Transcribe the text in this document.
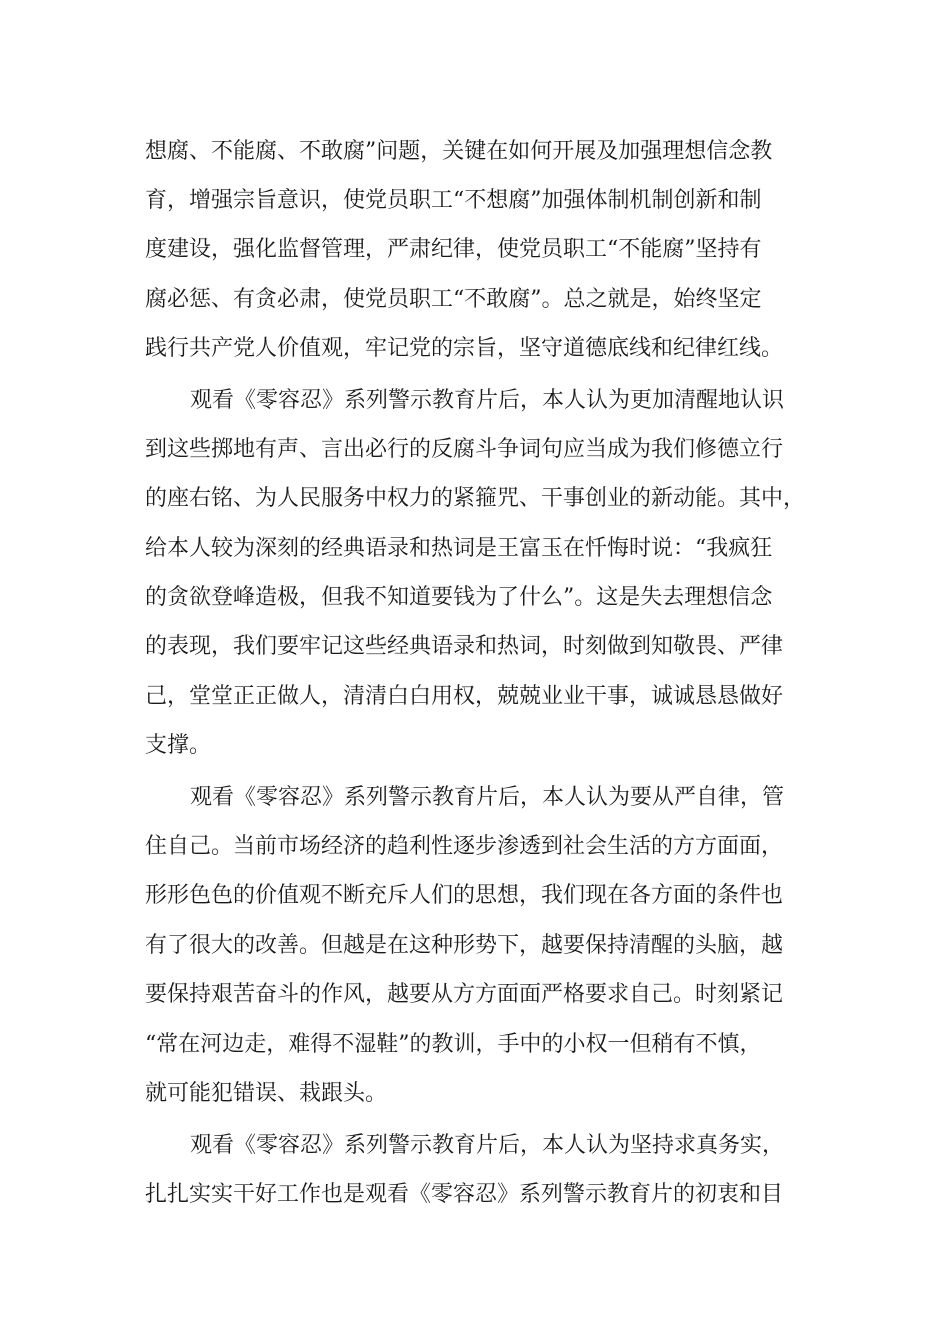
想腐、不能腐、不敢腐”问题，关键在如何开展及加强理想信念教
育，增强宗旨意识，使党员职工“不想腐”加强体制机制创新和制
度建设，强化监督管理，严肃纪律，使党员职工“不能腐”坚持有
腐必惩、有贪必肃，使党员职工“不敢腐”。总之就是，始终坚定
践行共产党人价值观，牢记党的宗旨，坚守道德底线和纪律红线。
观看《零容忍》系列警示教育片后，本人认为更加清醒地认识
到这些掷地有声、言出必行的反腐斗争词句应当成为我们修德立行
的座右铭、为人民服务中权力的紧箍咒、干事创业的新动能。其中，
给本人较为深刻的经典语录和热词是王富玉在忏悔时说：“我疯狂
的贪欲登峰造极，但我不知道要钱为了什么”。这是失去理想信念
的表现，我们要牢记这些经典语录和热词，时刻做到知敬畏、严律
己，堂堂正正做人，清清白白用权，兢兢业业干事，诚诚恳恳做好
支撑。
观看《零容忍》系列警示教育片后，本人认为要从严自律，管
住自己。当前市场经济的趋利性逐步渗透到社会生活的方方面面，
形形色色的价值观不断充斥人们的思想，我们现在各方面的条件也
有了很大的改善。但越是在这种形势下，越要保持清醒的头脑，越
要保持艰苦奋斗的作风，越要从方方面面严格要求自己。时刻紧记
“常在河边走，难得不湿鞋”的教训，手中的小权一但稍有不慎，
就可能犯错误、栽跟头。
观看《零容忍》系列警示教育片后，本人认为坚持求真务实，
扎扎实实干好工作也是观看《零容忍》系列警示教育片的初衷和目
